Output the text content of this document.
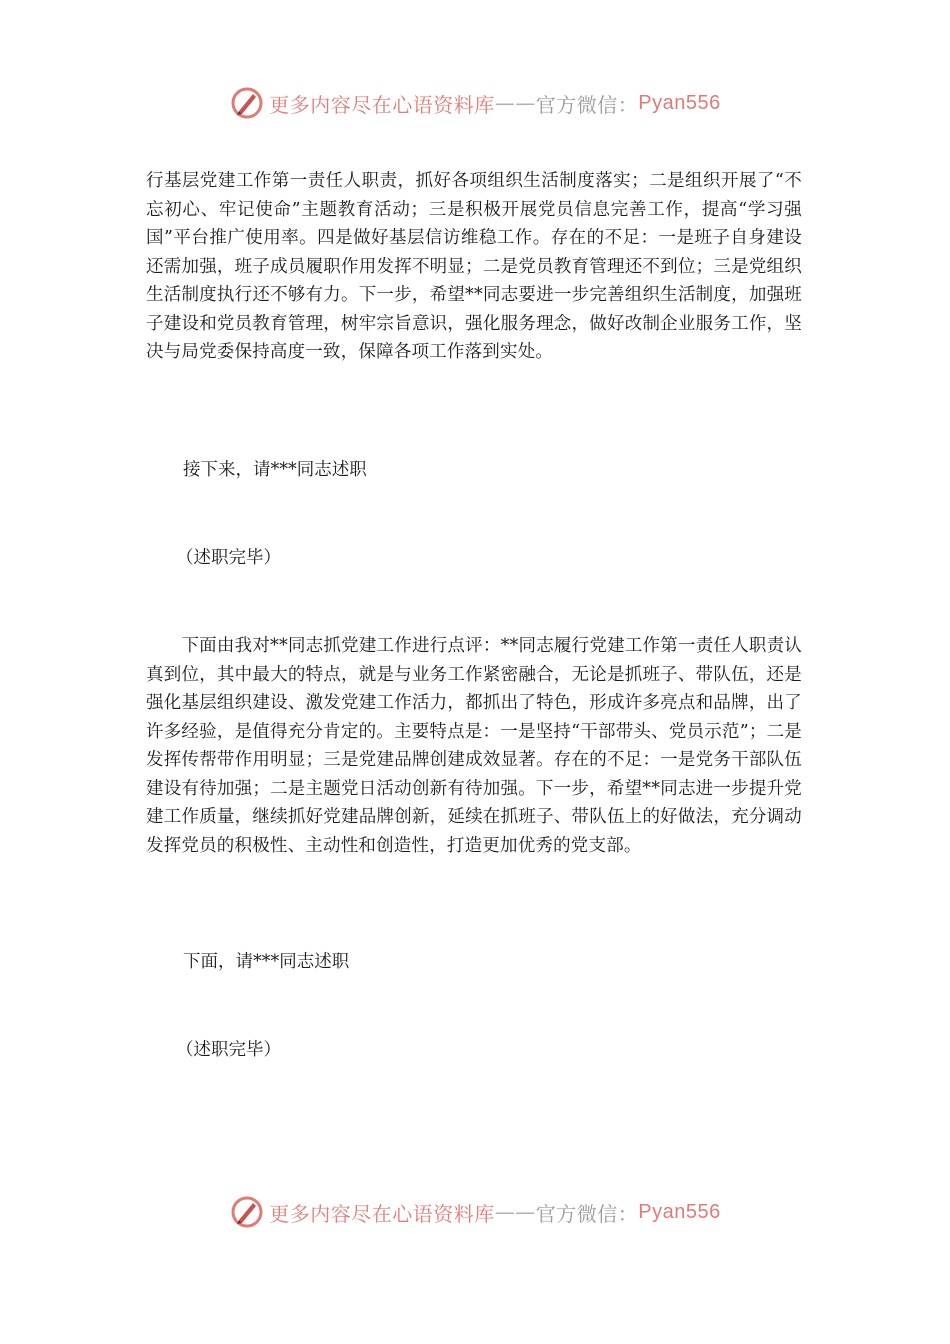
更多内容尽在心语资料库 —— 官方微信： Pyan556

行基层党建工作第一责任人职责，抓好各项组织生活制度落实；二是组织开展了“不忘初心、牢记使命”主题教育活动；三是积极开展党员信息完善工作，提高“学习强国”平台推广使用率。四是做好基层信访维稳工作。存在的不足：一是班子自身建设还需加强，班子成员履职作用发挥不明显；二是党员教育管理还不到位；三是党组织生活制度执行还不够有力。下一步，希望**同志要进一步完善组织生活制度，加强班子建设和党员教育管理，树牢宗旨意识，强化服务理念，做好改制企业服务工作，坚决与局党委保持高度一致，保障各项工作落到实处。

接下来，请***同志述职

（述职完毕）

　　下面由我对**同志抓党建工作进行点评：**同志履行党建工作第一责任人职责认真到位，其中最大的特点，就是与业务工作紧密融合，无论是抓班子、带队伍，还是强化基层组织建设、激发党建工作活力，都抓出了特色，形成许多亮点和品牌，出了许多经验，是值得充分肯定的。主要特点是：一是坚持“干部带头、党员示范”；二是发挥传帮带作用明显；三是党建品牌创建成效显著。存在的不足：一是党务干部队伍建设有待加强；二是主题党日活动创新有待加强。下一步，希望**同志进一步提升党建工作质量，继续抓好党建品牌创新，延续在抓班子、带队伍上的好做法，充分调动发挥党员的积极性、主动性和创造性，打造更加优秀的党支部。

下面，请***同志述职

（述职完毕）

更多内容尽在心语资料库 —— 官方微信： Pyan556
